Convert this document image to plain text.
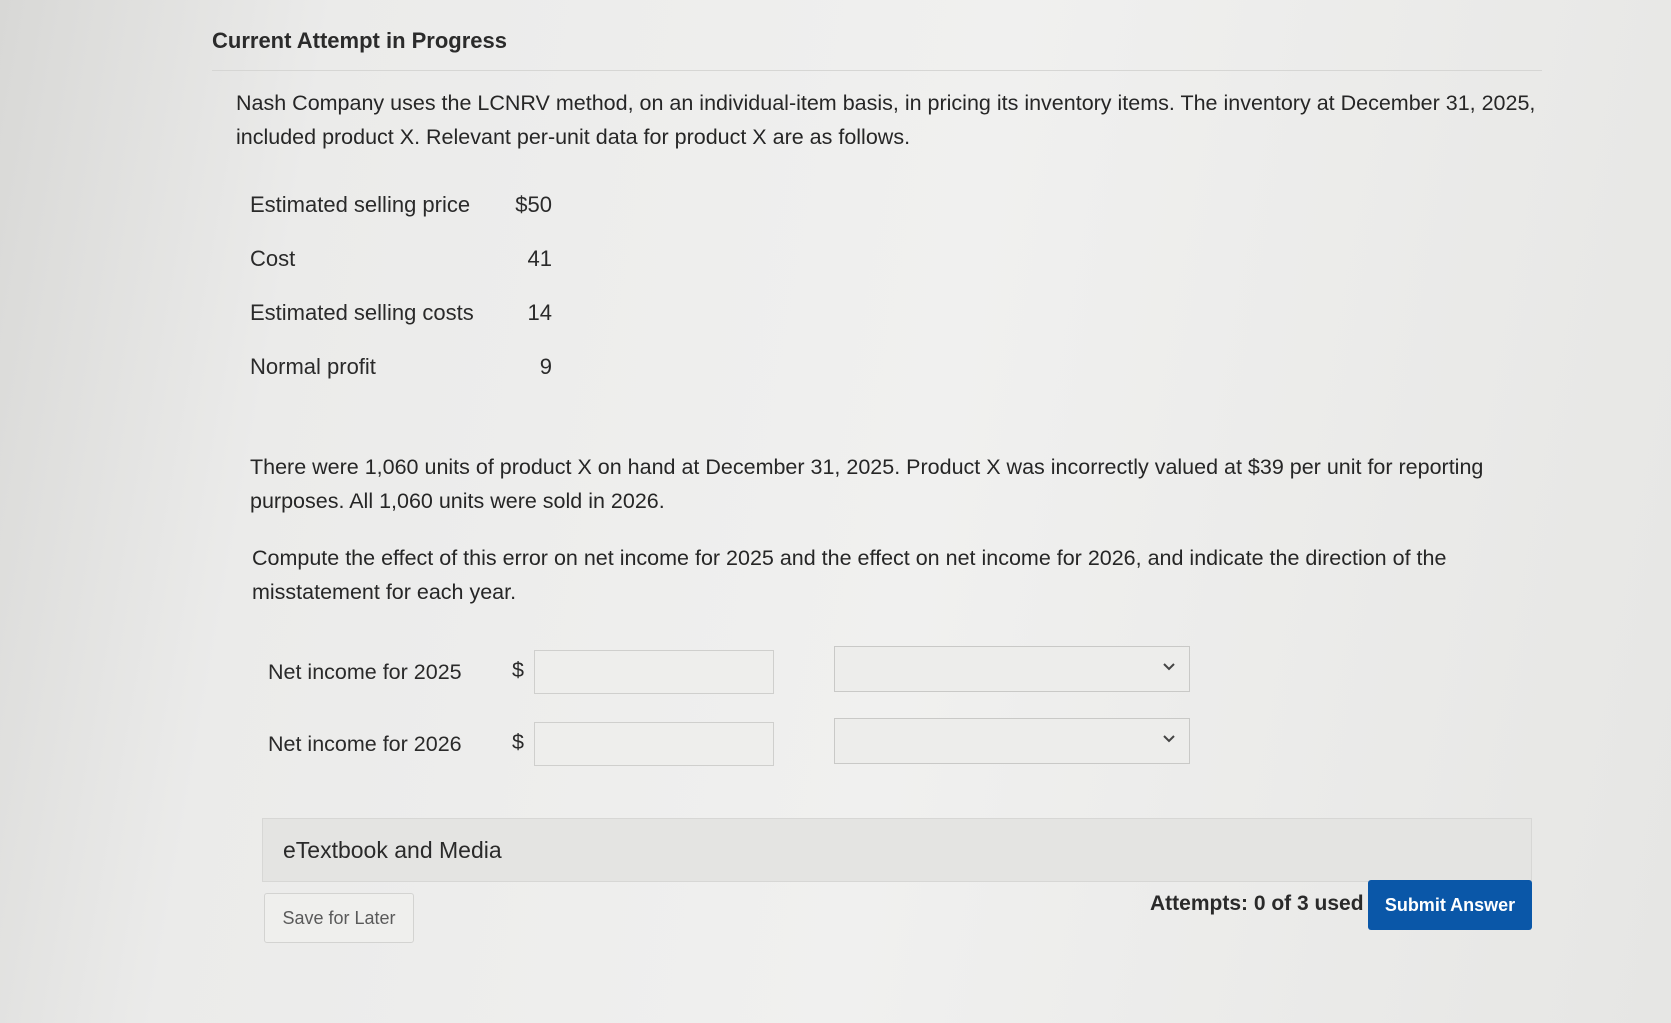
Current Attempt in Progress
Nash Company uses the LCNRV method, on an individual-item basis, in pricing its inventory items. The inventory at December 31, 2025, included product X. Relevant per-unit data for product X are as follows.
Estimated selling price	$50
Cost	41
Estimated selling costs	14
Normal profit	9
There were 1,060 units of product X on hand at December 31, 2025. Product X was incorrectly valued at $39 per unit for reporting purposes. All 1,060 units were sold in 2026.
Compute the effect of this error on net income for 2025 and the effect on net income for 2026, and indicate the direction of the misstatement for each year.
Net income for 2025 $
Net income for 2026 $
eTextbook and Media
Save for Later
Attempts: 0 of 3 used	Submit Answer
